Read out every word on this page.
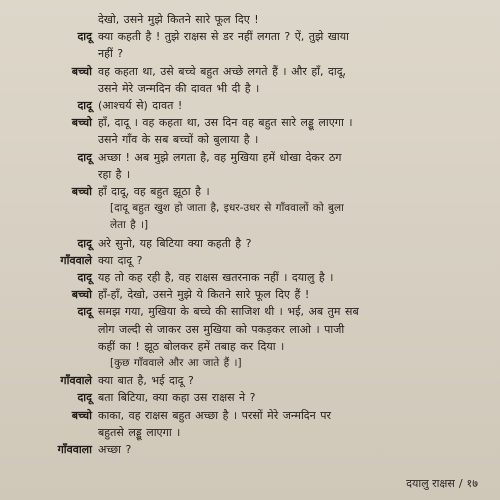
देखो, उसने मुझे कितने सारे फूल दिए !
दादू क्या कहती है ! तुझे राक्षस से डर नहीं लगता ? ऐं, तुझे खाया
नहीं ?
बच्चो वह कहता था, उसे बच्चे बहुत अच्छे लगते हैं । और हाँ, दादू,
उसने मेरे जन्मदिन की दावत भी दी है ।
दादू (आश्चर्य से) दावत !
बच्चो हाँ, दादू । वह कहता था, उस दिन वह बहुत सारे लड्डू लाएगा ।
उसने गाँव के सब बच्चों को बुलाया है ।
दादू अच्छा ! अब मुझे लगता है, वह मुखिया हमें धोखा देकर ठग
रहा है ।
बच्चो हाँ दादू, वह बहुत झूठा है ।
[दादू बहुत खुश हो जाता है, इधर-उधर से गाँववालों को बुला
लेता है ।]
दादू अरे सुनो, यह बिटिया क्या कहती है ?
गाँववाले क्या दादू ?
दादू यह तो कह रही है, वह राक्षस खतरनाक नहीं । दयालु है ।
बच्चो हाँ-हाँ, देखो, उसने मुझे ये कितने सारे फूल दिए हैं !
दादू समझ गया, मुखिया के बच्चे की साजिश थी । भई, अब तुम सब
लोग जल्दी से जाकर उस मुखिया को पकड़कर लाओ । पाजी
कहीं का ! झूठ बोलकर हमें तबाह कर दिया ।
[कुछ गाँववाले और आ जाते हैं ।]
गाँववाले क्या बात है, भई दादू ?
दादू बता बिटिया, क्या कहा उस राक्षस ने ?
बच्चो काका, वह राक्षस बहुत अच्छा है । परसों मेरे जन्मदिन पर
बहुतसे लड्डू लाएगा ।
गाँववाला अच्छा ?
दयालु राक्षस / १७
